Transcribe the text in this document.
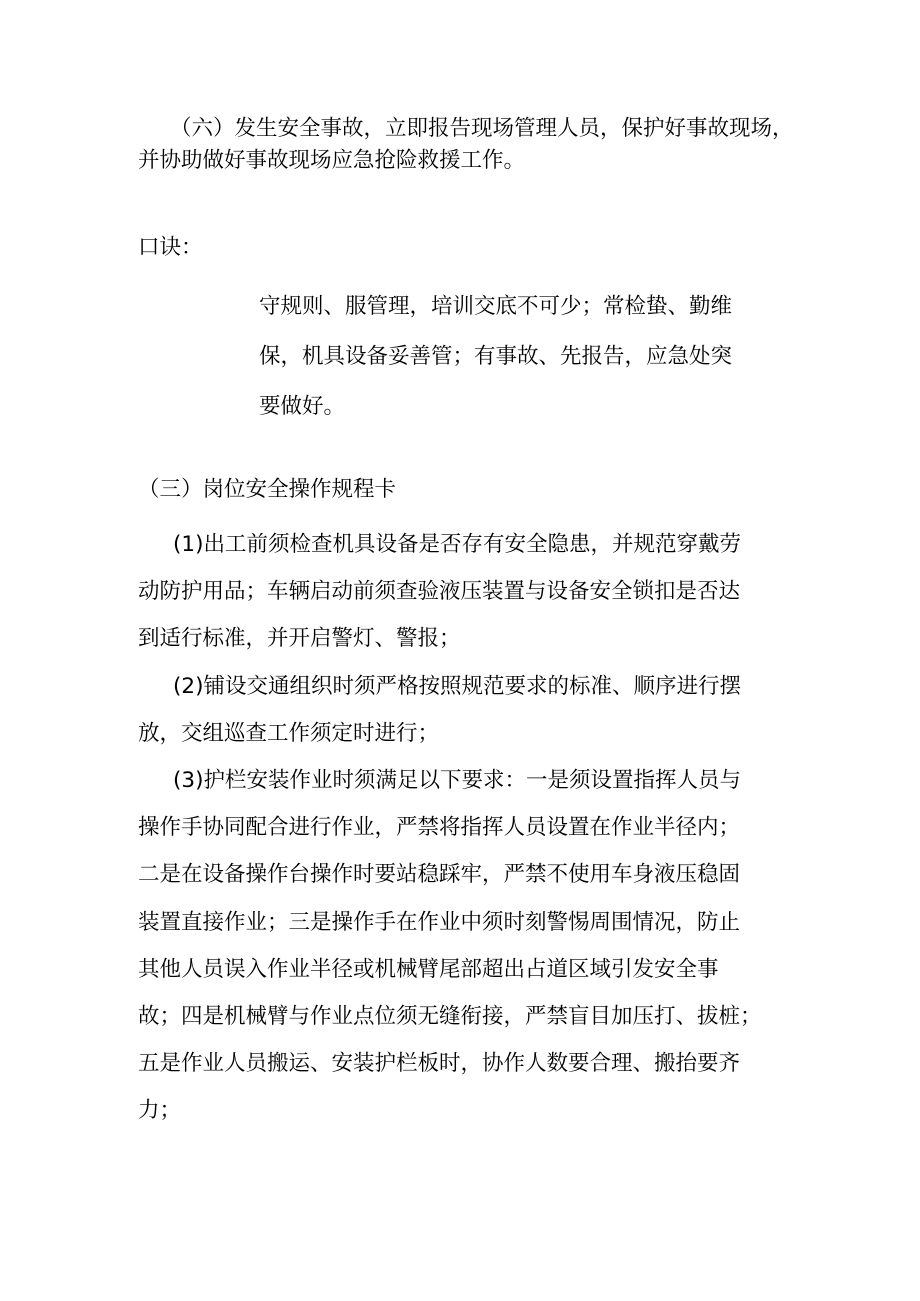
（六）发生安全事故，立即报告现场管理人员，保护好事故现场，
并协助做好事故现场应急抢险救援工作。
口诀：
守规则、服管理，培训交底不可少；常检蛰、勤维
保，机具设备妥善管；有事故、先报告，应急处突
要做好。
（三）岗位安全操作规程卡
(1)出工前须检查机具设备是否存有安全隐患，并规范穿戴劳
动防护用品；车辆启动前须查验液压装置与设备安全锁扣是否达
到适行标准，并开启警灯、警报；
(2)铺设交通组织时须严格按照规范要求的标准、顺序进行摆
放，交组巡查工作须定时进行；
(3)护栏安装作业时须满足以下要求：一是须设置指挥人员与
操作手协同配合进行作业，严禁将指挥人员设置在作业半径内；
二是在设备操作台操作时要站稳踩牢，严禁不使用车身液压稳固
装置直接作业；三是操作手在作业中须时刻警惕周围情况，防止
其他人员误入作业半径或机械臂尾部超出占道区域引发安全事
故；四是机械臂与作业点位须无缝衔接，严禁盲目加压打、拔桩；
五是作业人员搬运、安装护栏板时，协作人数要合理、搬抬要齐
力；
